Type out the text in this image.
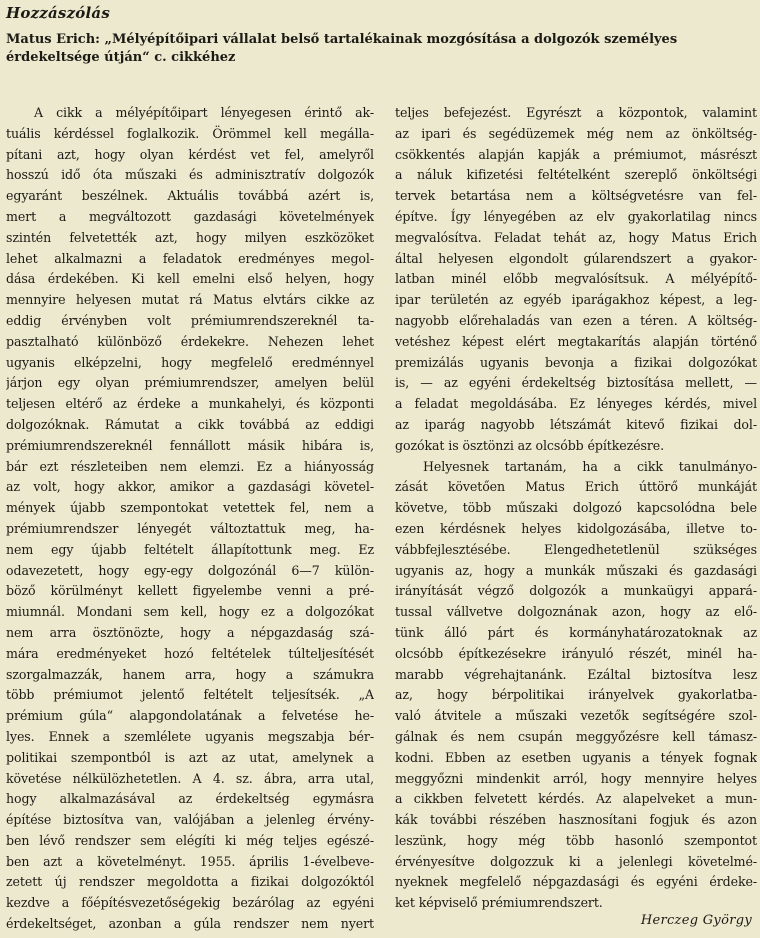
Hozzászólás
Matus Erich: „Mélyépítőipari vállalat belső tartalékainak mozgósítása a dolgozók személyes érdekeltsége útján“ c. cikkéhez
A cikk a mélyépítőipart lényegesen érintő ak-
tuális kérdéssel foglalkozik. Örömmel kell megálla-
pítani azt, hogy olyan kérdést vet fel, amelyről
hosszú idő óta műszaki és adminisztratív dolgozók
egyaránt beszélnek. Aktuális továbbá azért is,
mert a megváltozott gazdasági követelmények
szintén felvetették azt, hogy milyen eszközöket
lehet alkalmazni a feladatok eredményes megol-
dása érdekében. Ki kell emelni első helyen, hogy
mennyire helyesen mutat rá Matus elvtárs cikke az
eddig érvényben volt prémiumrendszereknél ta-
pasztalható különböző érdekekre. Nehezen lehet
ugyanis elképzelni, hogy megfelelő eredménnyel
járjon egy olyan prémiumrendszer, amelyen belül
teljesen eltérő az érdeke a munkahelyi, és központi
dolgozóknak. Rámutat a cikk továbbá az eddigi
prémiumrendszereknél fennállott másik hibára is,
bár ezt részleteiben nem elemzi. Ez a hiányosság
az volt, hogy akkor, amikor a gazdasági követel-
mények újabb szempontokat vetettek fel, nem a
prémiumrendszer lényegét változtattuk meg, ha-
nem egy újabb feltételt állapítottunk meg. Ez
odavezetett, hogy egy-egy dolgozónál 6—7 külön-
böző körülményt kellett figyelembe venni a pré-
miumnál. Mondani sem kell, hogy ez a dolgozókat
nem arra ösztönözte, hogy a népgazdaság szá-
mára eredményeket hozó feltételek túlteljesítését
szorgalmazzák, hanem arra, hogy a számukra
több prémiumot jelentő feltételt teljesítsék. „A
prémium gúla“ alapgondolatának a felvetése he-
lyes. Ennek a szemlélete ugyanis megszabja bér-
politikai szempontból is azt az utat, amelynek a
követése nélkülözhetetlen. A 4. sz. ábra, arra utal,
hogy alkalmazásával az érdekeltség egymásra
építése biztosítva van, valójában a jelenleg érvény-
ben lévő rendszer sem elégíti ki még teljes egészé-
ben azt a követelményt. 1955. április 1-évelbeve-
zetett új rendszer megoldotta a fizikai dolgozóktól
kezdve a főépítésvezetőségekig bezárólag az egyéni
érdekeltséget, azonban a gúla rendszer nem nyert
teljes befejezést. Egyrészt a központok, valamint
az ipari és segédüzemek még nem az önköltség-
csökkentés alapján kapják a prémiumot, másrészt
a náluk kifizetési feltételként szereplő önköltségi
tervek betartása nem a költségvetésre van fel-
építve. Így lényegében az elv gyakorlatilag nincs
megvalósítva. Feladat tehát az, hogy Matus Erich
által helyesen elgondolt gúlarendszert a gyakor-
latban minél előbb megvalósítsuk. A mélyépítő-
ipar területén az egyéb iparágakhoz képest, a leg-
nagyobb előrehaladás van ezen a téren. A költség-
vetéshez képest elért megtakarítás alapján történő
premizálás ugyanis bevonja a fizikai dolgozókat
is, — az egyéni érdekeltség biztosítása mellett, —
a feladat megoldásába. Ez lényeges kérdés, mivel
az iparág nagyobb létszámát kitevő fizikai dol-
gozókat is ösztönzi az olcsóbb építkezésre.
Helyesnek tartanám, ha a cikk tanulmányo-
zását követően Matus Erich úttörő munkáját
követve, több műszaki dolgozó kapcsolódna bele
ezen kérdésnek helyes kidolgozásába, illetve to-
vábbfejlesztésébe. Elengedhetetlenül szükséges
ugyanis az, hogy a munkák műszaki és gazdasági
irányítását végző dolgozók a munkaügyi appará-
tussal vállvetve dolgoznának azon, hogy az elő-
tünk álló párt és kormányhatározatoknak az
olcsóbb építkezésekre irányuló részét, minél ha-
marabb végrehajtanánk. Ezáltal biztosítva lesz
az, hogy bérpolitikai irányelvek gyakorlatba-
való átvitele a műszaki vezetők segítségére szol-
gálnak és nem csupán meggyőzésre kell támasz-
kodni. Ebben az esetben ugyanis a tények fognak
meggyőzni mindenkit arról, hogy mennyire helyes
a cikkben felvetett kérdés. Az alapelveket a mun-
kák további részében hasznosítani fogjuk és azon
leszünk, hogy még több hasonló szempontot
érvényesítve dolgozzuk ki a jelenlegi követelmé-
nyeknek megfelelő népgazdasági és egyéni érdeke-
ket képviselő prémiumrendszert.
Herczeg György
